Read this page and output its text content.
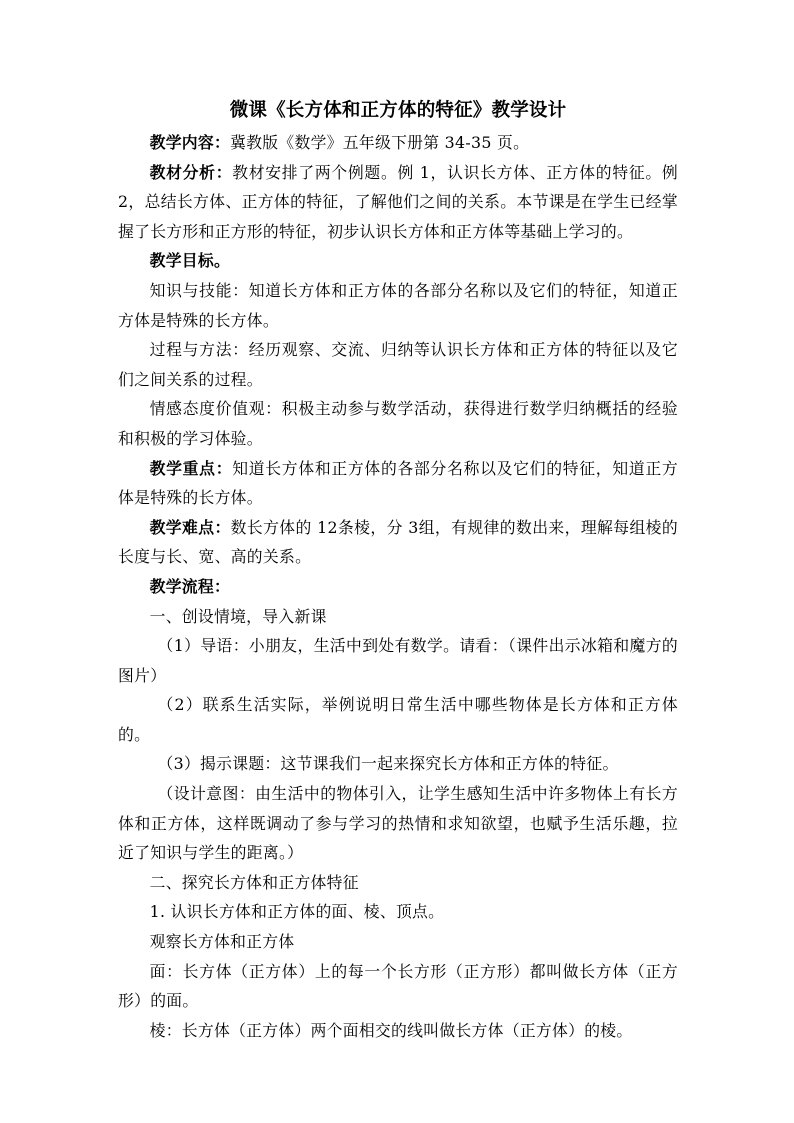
微课《长方体和正方体的特征》教学设计

教学内容：冀教版《数学》五年级下册第 34-35 页。

教材分析：教材安排了两个例题。例 1，认识长方体、正方体的特征。例 2，总结长方体、正方体的特征，了解他们之间的关系。本节课是在学生已经掌握了长方形和正方形的特征，初步认识长方体和正方体等基础上学习的。

教学目标。

知识与技能：知道长方体和正方体的各部分名称以及它们的特征，知道正方体是特殊的长方体。

过程与方法：经历观察、交流、归纳等认识长方体和正方体的特征以及它们之间关系的过程。

情感态度价值观：积极主动参与数学活动，获得进行数学归纳概括的经验和积极的学习体验。

教学重点：知道长方体和正方体的各部分名称以及它们的特征，知道正方体是特殊的长方体。

教学难点：数长方体的 12条棱，分 3组，有规律的数出来，理解每组棱的长度与长、宽、高的关系。

教学流程：

一、创设情境，导入新课

（1）导语：小朋友，生活中到处有数学。请看：（课件出示冰箱和魔方的图片）

（2）联系生活实际，举例说明日常生活中哪些物体是长方体和正方体的。

（3）揭示课题：这节课我们一起来探究长方体和正方体的特征。

（设计意图：由生活中的物体引入，让学生感知生活中许多物体上有长方体和正方体，这样既调动了参与学习的热情和求知欲望，也赋予生活乐趣，拉近了知识与学生的距离。）

二、探究长方体和正方体特征

1. 认识长方体和正方体的面、棱、顶点。

观察长方体和正方体

面：长方体（正方体）上的每一个长方形（正方形）都叫做长方体（正方形）的面。

棱：长方体（正方体）两个面相交的线叫做长方体（正方体）的棱。
